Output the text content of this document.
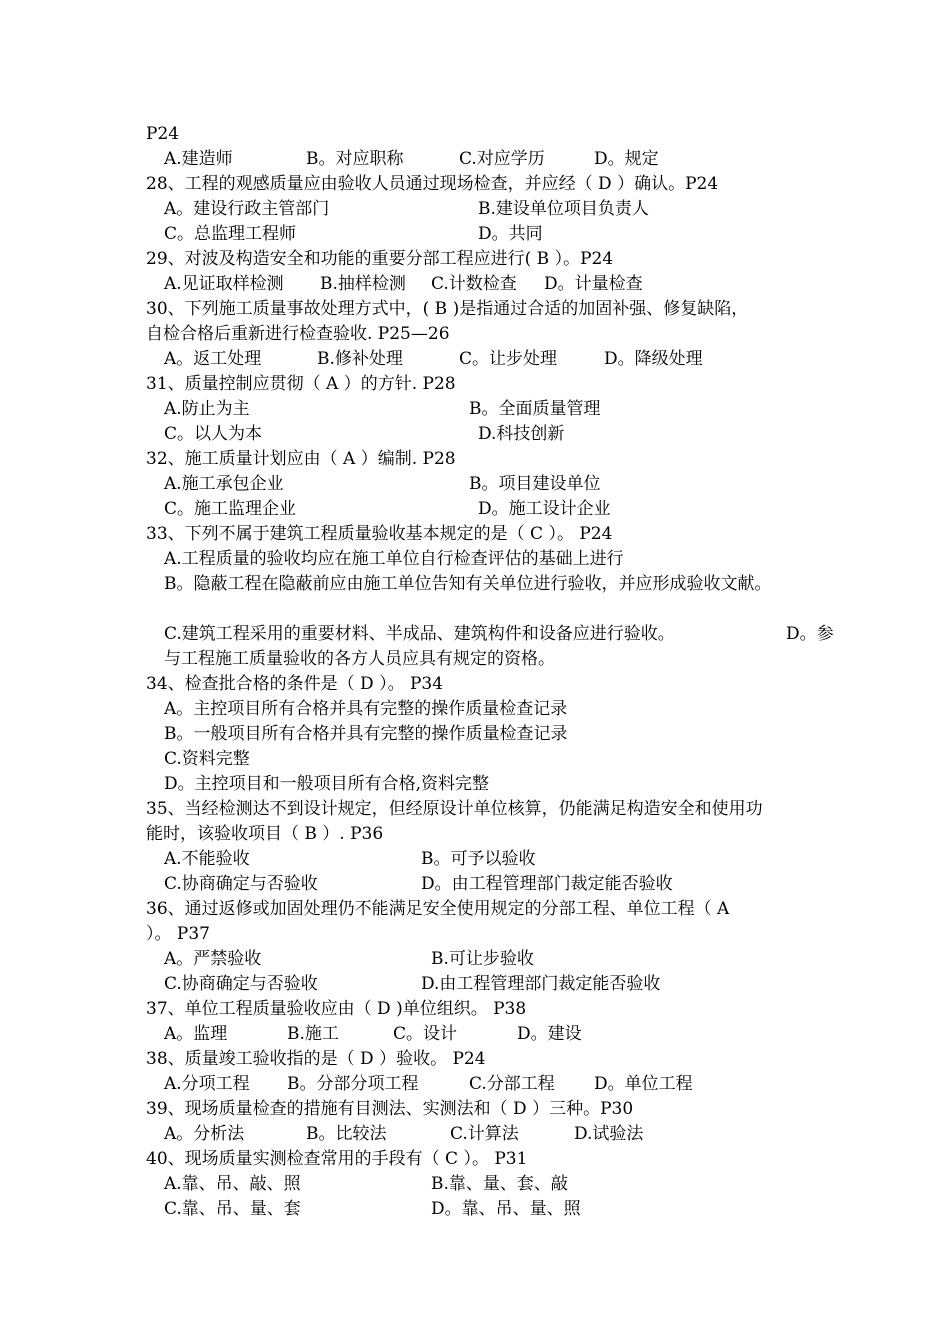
P24
A.建造师	B。对应职称	C.对应学历	D。规定
28、工程的观感质量应由验收人员通过现场检查，并应经（ D ）确认。P24
A。建设行政主管部门	B.建设单位项目负责人
C。总监理工程师	D。共同
29、对波及构造安全和功能的重要分部工程应进行( B ）。P24
A.见证取样检测 B.抽样检测 C.计数检查 D。计量检查
30、下列施工质量事故处理方式中，( B )是指通过合适的加固补强、修复缺陷，
自检合格后重新进行检查验收. P25—26
A。返工处理	B.修补处理	C。让步处理	D。降级处理
31、质量控制应贯彻（ A ）的方针. P28
A.防止为主	B。全面质量管理
C。以人为本	D.科技创新
32、施工质量计划应由（ A ）编制. P28
A.施工承包企业	B。项目建设单位
C。施工监理企业	D。施工设计企业
33、下列不属于建筑工程质量验收基本规定的是（ C ）。 P24
A.工程质量的验收均应在施工单位自行检查评估的基础上进行
B。隐蔽工程在隐蔽前应由施工单位告知有关单位进行验收，并应形成验收文献。
C.建筑工程采用的重要材料、半成品、建筑构件和设备应进行验收。	D。参
与工程施工质量验收的各方人员应具有规定的资格。
34、检查批合格的条件是（ D ）。 P34
A。主控项目所有合格并具有完整的操作质量检查记录
B。一般项目所有合格并具有完整的操作质量检查记录
C.资料完整
D。主控项目和一般项目所有合格,资料完整
35、当经检测达不到设计规定，但经原设计单位核算，仍能满足构造安全和使用功
能时，该验收项目（ B ）. P36
A.不能验收	B。可予以验收
C.协商确定与否验收	D。由工程管理部门裁定能否验收
36、通过返修或加固处理仍不能满足安全使用规定的分部工程、单位工程（ A
）。 P37
A。严禁验收	B.可让步验收
C.协商确定与否验收	D.由工程管理部门裁定能否验收
37、单位工程质量验收应由（ D )单位组织。 P38
A。监理	B.施工	C。设计	D。建设
38、质量竣工验收指的是（ D ）验收。 P24
A.分项工程 B。分部分项工程	C.分部工程 D。单位工程
39、现场质量检查的措施有目测法、实测法和（ D ）三种。P30
A。分析法	B。比较法	C.计算法	D.试验法
40、现场质量实测检查常用的手段有（ C ）。 P31
A.靠、吊、敲、照	B.靠、量、套、敲
C.靠、吊、量、套	D。靠、吊、量、照
